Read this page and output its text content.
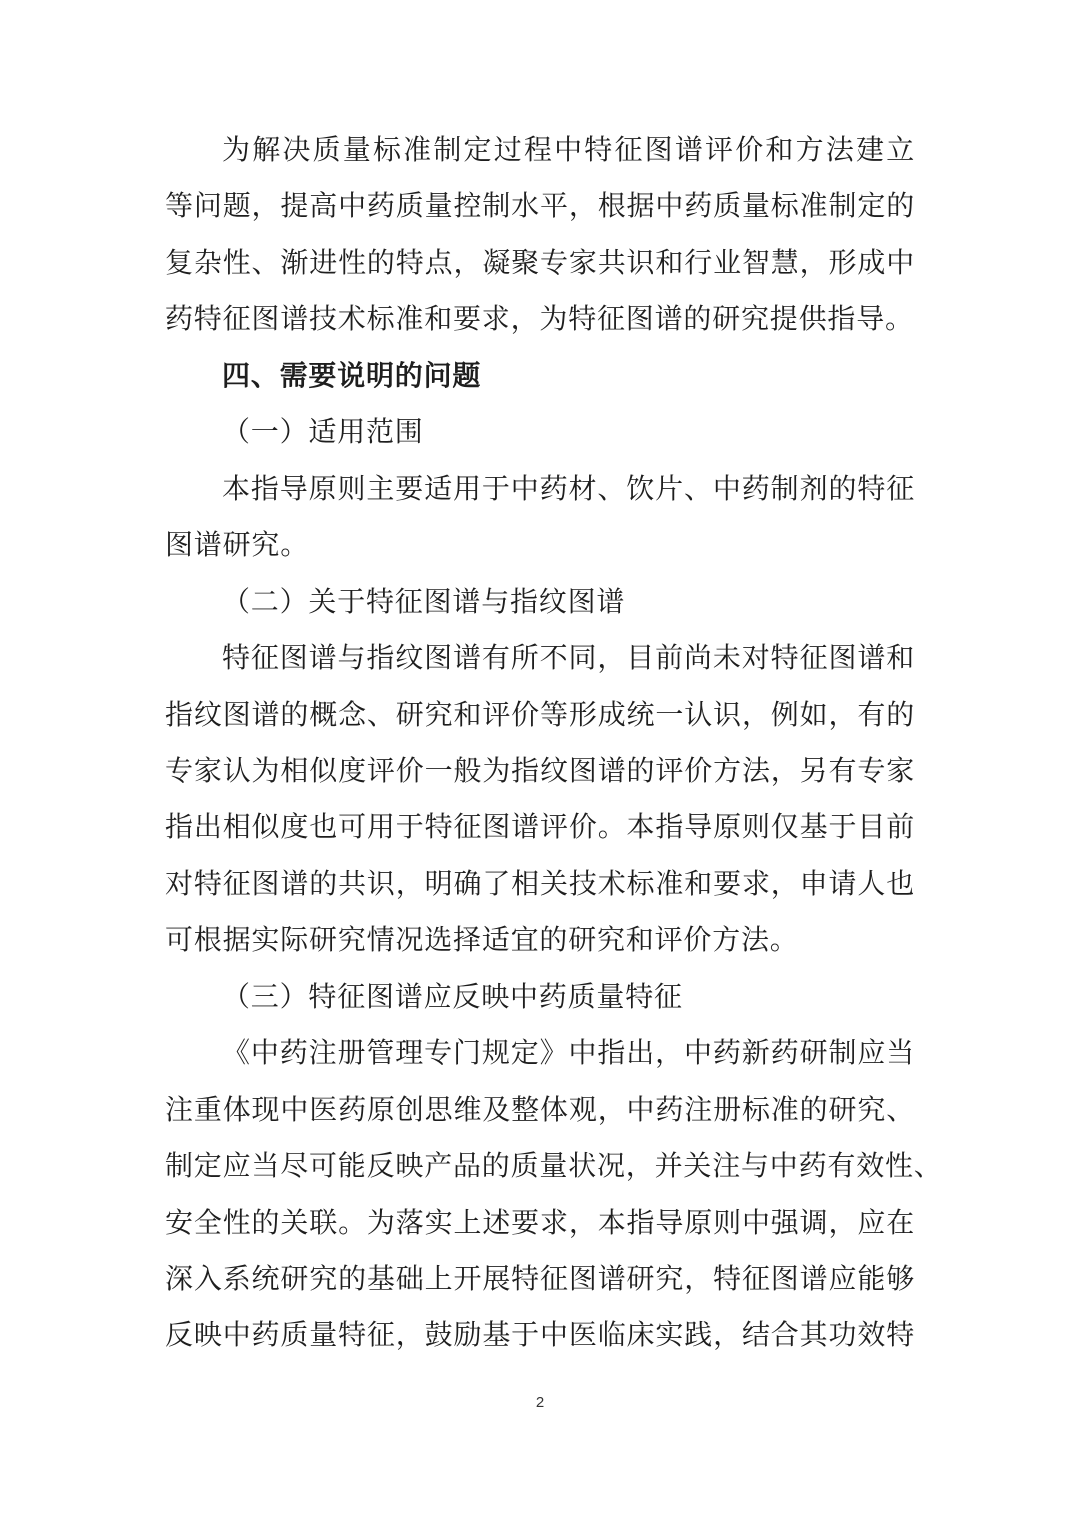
为解决质量标准制定过程中特征图谱评价和方法建立
等问题，提高中药质量控制水平，根据中药质量标准制定的
复杂性、渐进性的特点，凝聚专家共识和行业智慧，形成中
药特征图谱技术标准和要求，为特征图谱的研究提供指导。
四、需要说明的问题
（一）适用范围
本指导原则主要适用于中药材、饮片、中药制剂的特征
图谱研究。
（二）关于特征图谱与指纹图谱
特征图谱与指纹图谱有所不同，目前尚未对特征图谱和
指纹图谱的概念、研究和评价等形成统一认识，例如，有的
专家认为相似度评价一般为指纹图谱的评价方法，另有专家
指出相似度也可用于特征图谱评价。本指导原则仅基于目前
对特征图谱的共识，明确了相关技术标准和要求，申请人也
可根据实际研究情况选择适宜的研究和评价方法。
（三）特征图谱应反映中药质量特征
《中药注册管理专门规定》中指出，中药新药研制应当
注重体现中医药原创思维及整体观，中药注册标准的研究、
制定应当尽可能反映产品的质量状况，并关注与中药有效性、
安全性的关联。为落实上述要求，本指导原则中强调，应在
深入系统研究的基础上开展特征图谱研究，特征图谱应能够
反映中药质量特征，鼓励基于中医临床实践，结合其功效特
2
